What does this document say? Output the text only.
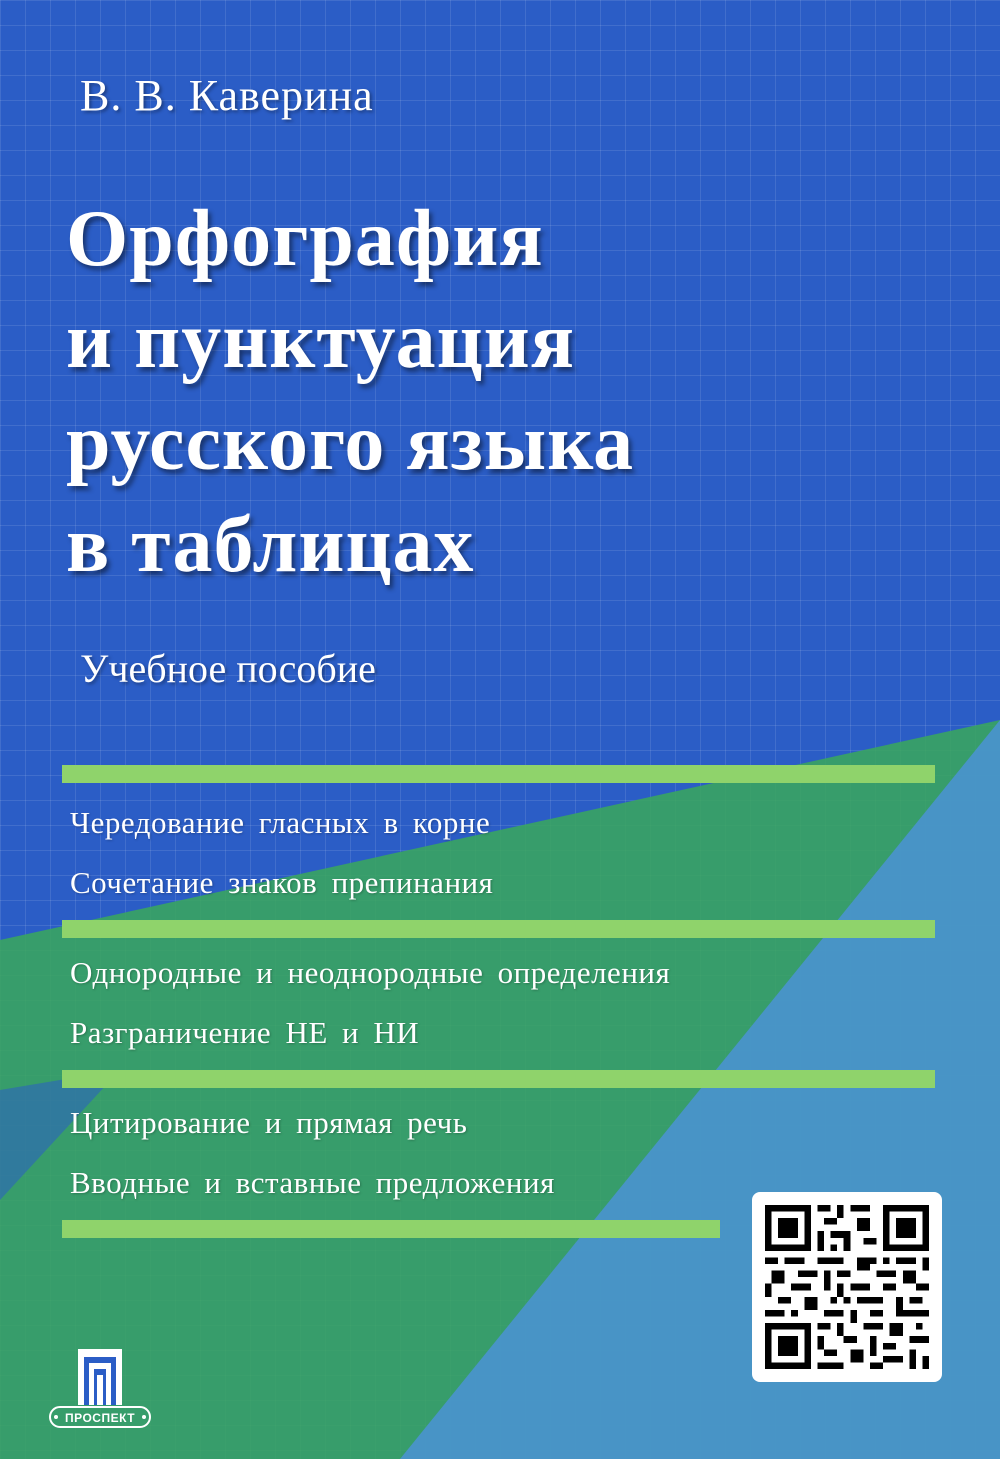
В. В. Каверина
Орфография
и пунктуация
русского языка
в таблицах
Учебное пособие
Чередование гласных в корне
Сочетание знаков препинания
Однородные и неоднородные определения
Разграничение НЕ и НИ
Цитирование и прямая речь
Вводные и вставные предложения
ПРОСПЕКТ
